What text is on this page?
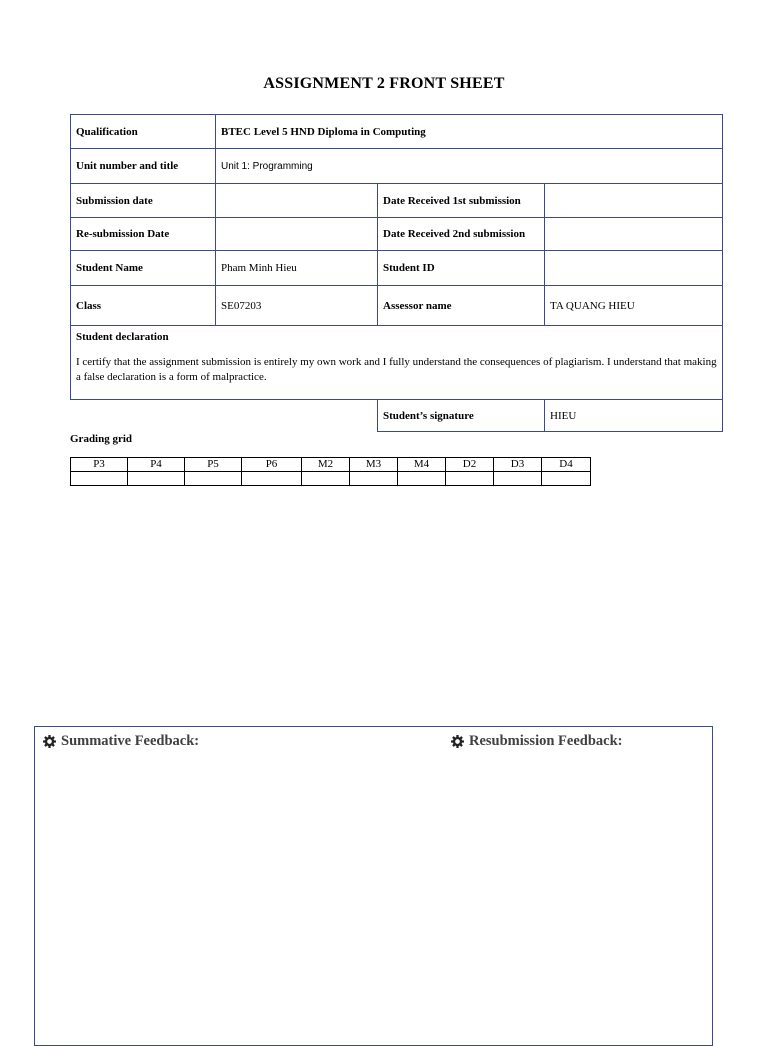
ASSIGNMENT 2 FRONT SHEET
Qualification	BTEC Level 5 HND Diploma in Computing		
Unit number and title	Unit 1: Programming		
Submission date		Date Received 1st submission	
Re-submission Date		Date Received 2nd submission	
Student Name	Pham Minh Hieu	Student ID	
Class	SE07203	Assessor name	TA QUANG HIEU

Student declaration
I certify that the assignment submission is entirely my own work and I fully understand the consequences of plagiarism. I understand that making a false declaration is a form of malpractice.			

		Student’s signature	HIEU
Grading grid
P3	P4	P5	P6	M2	M3	M4	D2	D3	D4

Summative Feedback:	Resubmission Feedback:
